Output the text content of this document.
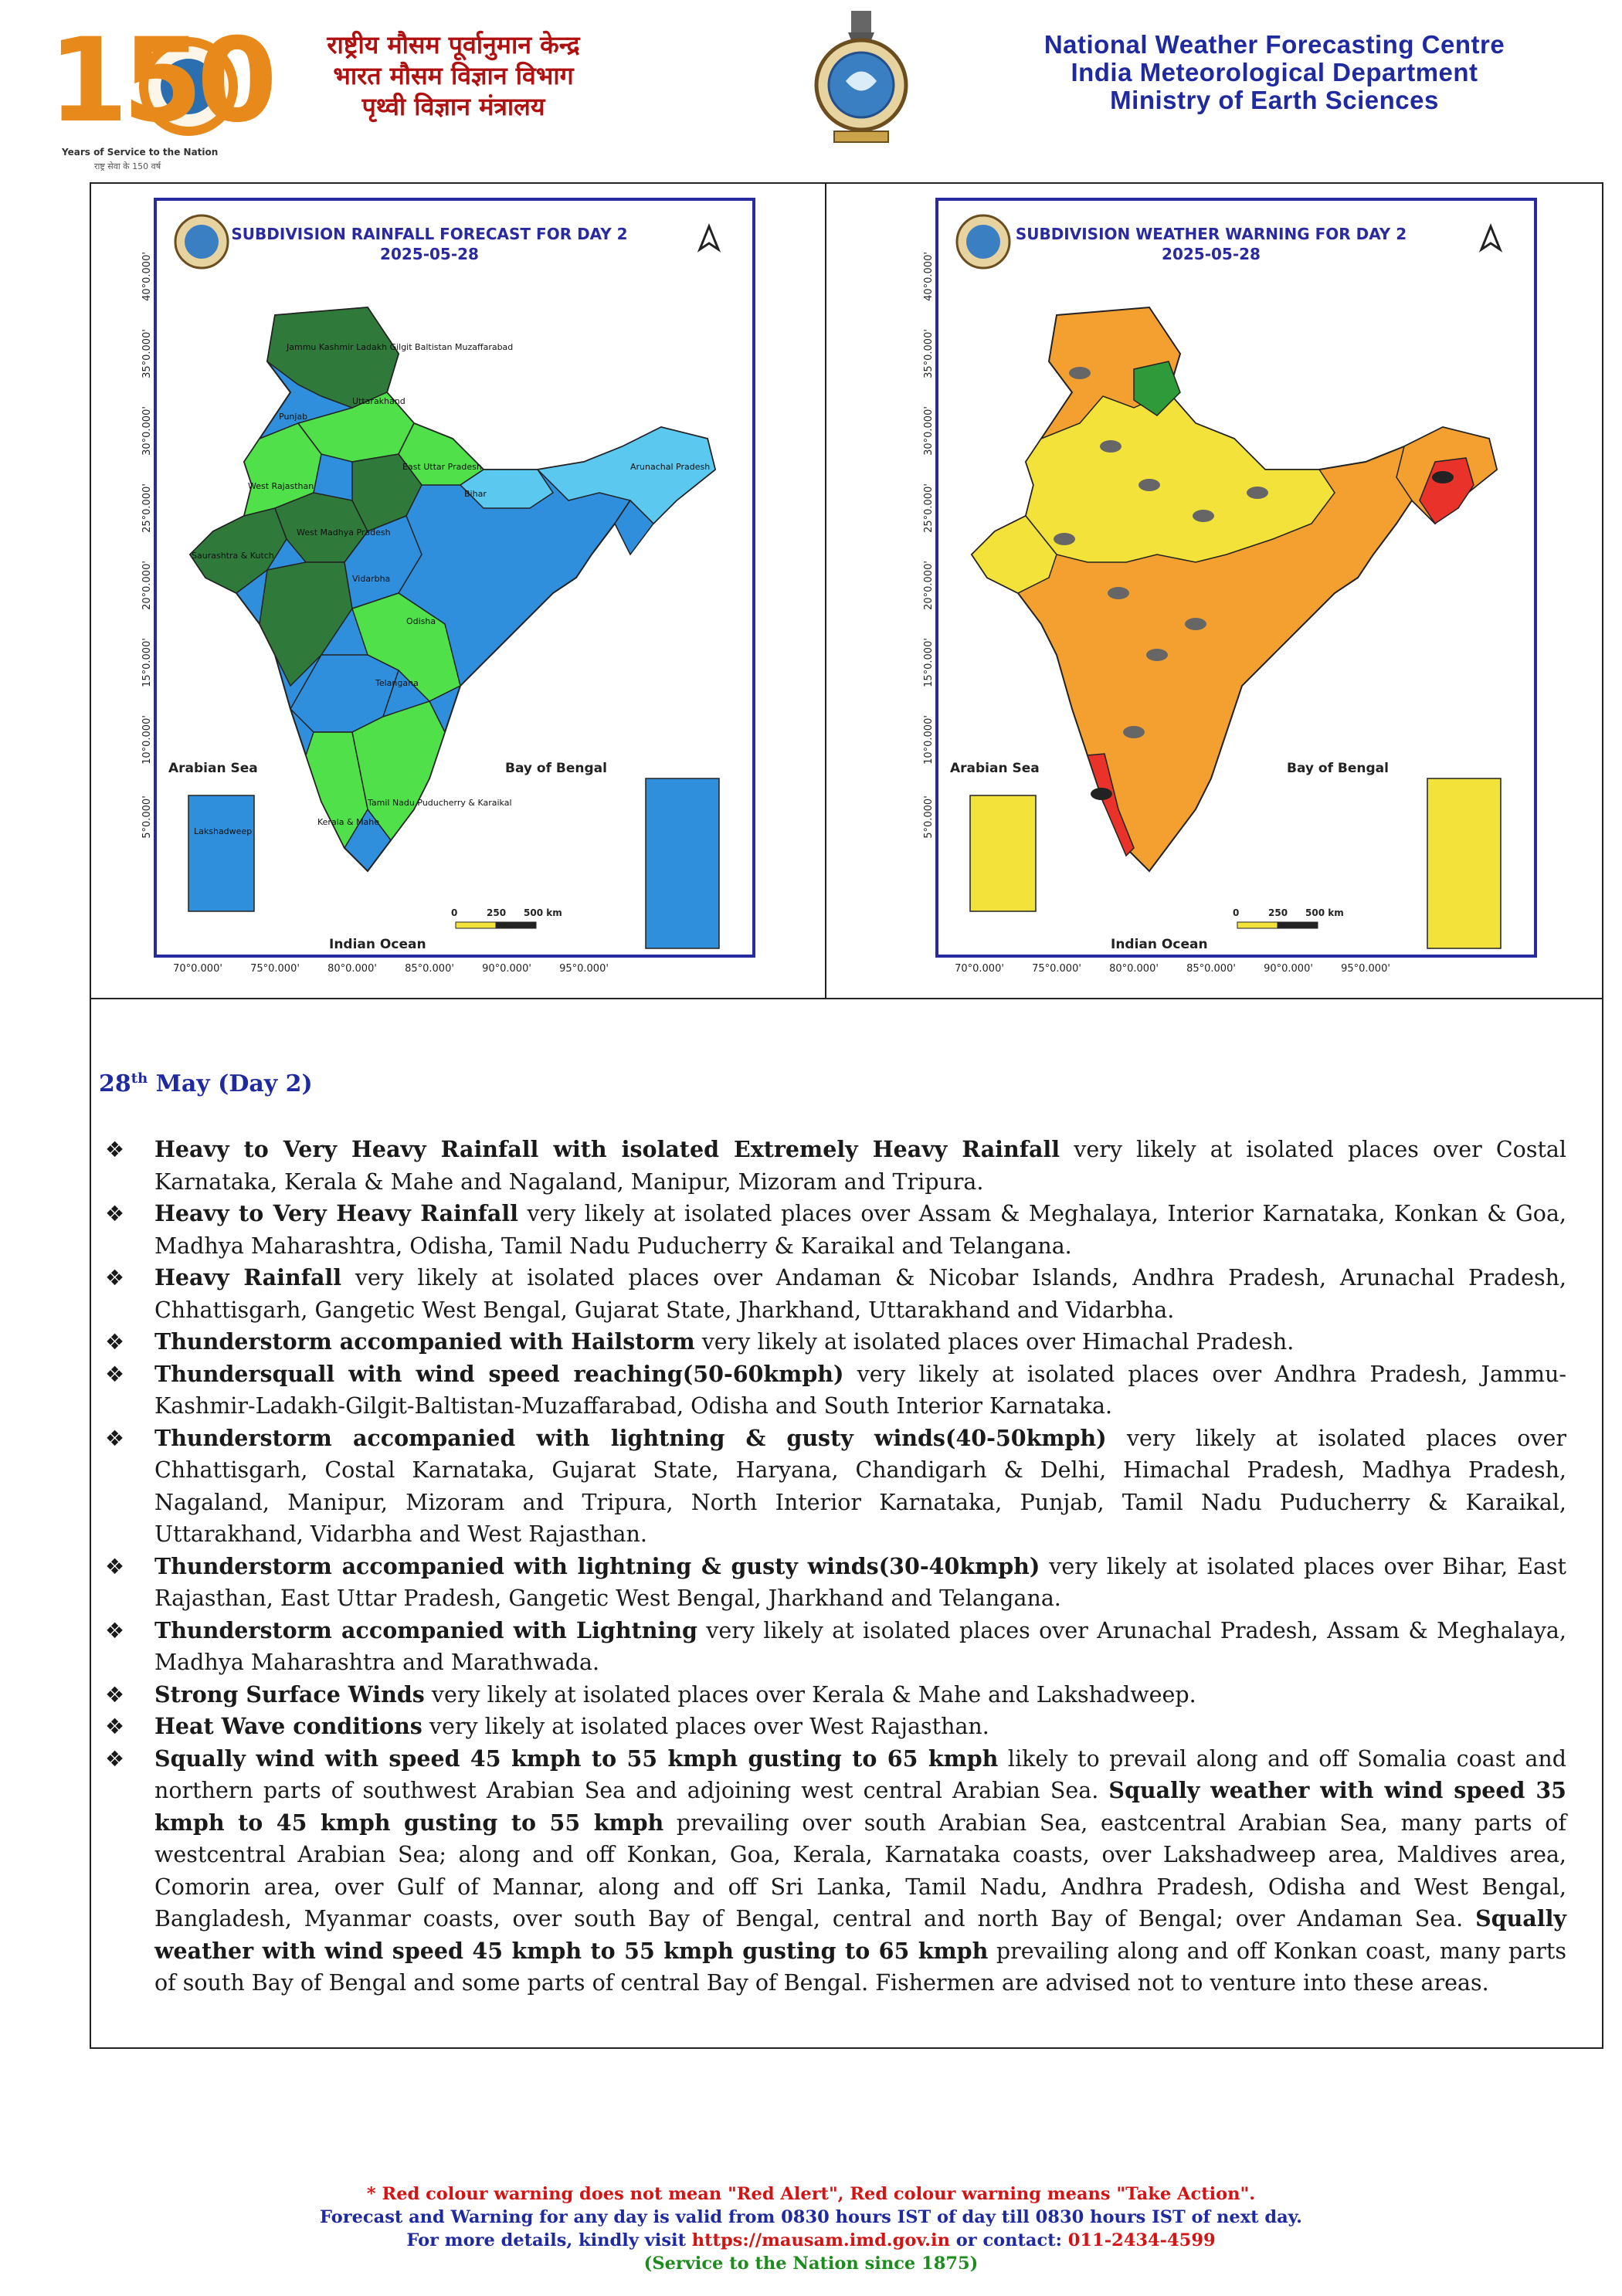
150
Years of Service to the Nation
राष्ट्र सेवा के 150 वर्ष
राष्ट्रीय मौसम पूर्वानुमान केन्द्र
भारत मौसम विज्ञान विभाग
पृथ्वी विज्ञान मंत्रालय
National Weather Forecasting Centre
India Meteorological Department
Ministry of Earth Sciences
40°0.000'
35°0.000'
30°0.000'
25°0.000'
20°0.000'
15°0.000'
10°0.000'
5°0.000'
70°0.000'	75°0.000'	80°0.000'	85°0.000'	90°0.000'	95°0.000'
SUBDIVISION RAINFALL FORECAST FOR DAY 2
2025-05-28
Arabian Sea	Bay of Bengal
Indian Ocean
0	250 500 km
Jammu Kashmir Ladakh Gilgit Baltistan Muzaffarabad
Punjab
Uttarakhand
West Rajasthan
East Uttar Pradesh
Bihar
Arunachal Pradesh
Saurashtra & Kutch
West Madhya Pradesh
Odisha
Vidarbha
Telangana
Tamil Nadu Puducherry & Karaikal
Kerala & Mahe
Lakshadweep
40°0.000'
35°0.000'
30°0.000'
25°0.000'
20°0.000'
15°0.000'
10°0.000'
5°0.000'
70°0.000'	75°0.000'	80°0.000'	85°0.000'	90°0.000'	95°0.000'
SUBDIVISION WEATHER WARNING FOR DAY 2
2025-05-28
Arabian Sea	Bay of Bengal
Indian Ocean
0	250 500 km
28th May (Day 2)
❖ Heavy to Very Heavy Rainfall with isolated Extremely Heavy Rainfall very likely at isolated places over Costal Karnataka, Kerala & Mahe and Nagaland, Manipur, Mizoram and Tripura.
❖ Heavy to Very Heavy Rainfall very likely at isolated places over Assam & Meghalaya, Interior Karnataka, Konkan & Goa, Madhya Maharashtra, Odisha, Tamil Nadu Puducherry & Karaikal and Telangana.
❖ Heavy Rainfall very likely at isolated places over Andaman & Nicobar Islands, Andhra Pradesh, Arunachal Pradesh, Chhattisgarh, Gangetic West Bengal, Gujarat State, Jharkhand, Uttarakhand and Vidarbha.
❖ Thunderstorm accompanied with Hailstorm very likely at isolated places over Himachal Pradesh.
❖ Thundersquall with wind speed reaching(50-60kmph) very likely at isolated places over Andhra Pradesh, Jammu-Kashmir-Ladakh-Gilgit-Baltistan-Muzaffarabad, Odisha and South Interior Karnataka.
❖ Thunderstorm accompanied with lightning & gusty winds(40-50kmph) very likely at isolated places over Chhattisgarh, Costal Karnataka, Gujarat State, Haryana, Chandigarh & Delhi, Himachal Pradesh, Madhya Pradesh, Nagaland, Manipur, Mizoram and Tripura, North Interior Karnataka, Punjab, Tamil Nadu Puducherry & Karaikal, Uttarakhand, Vidarbha and West Rajasthan.
❖ Thunderstorm accompanied with lightning & gusty winds(30-40kmph) very likely at isolated places over Bihar, East Rajasthan, East Uttar Pradesh, Gangetic West Bengal, Jharkhand and Telangana.
❖ Thunderstorm accompanied with Lightning very likely at isolated places over Arunachal Pradesh, Assam & Meghalaya, Madhya Maharashtra and Marathwada.
❖ Strong Surface Winds very likely at isolated places over Kerala & Mahe and Lakshadweep.
❖ Heat Wave conditions very likely at isolated places over West Rajasthan.
❖ Squally wind with speed 45 kmph to 55 kmph gusting to 65 kmph likely to prevail along and off Somalia coast and northern parts of southwest Arabian Sea and adjoining west central Arabian Sea. Squally weather with wind speed 35 kmph to 45 kmph gusting to 55 kmph prevailing over south Arabian Sea, eastcentral Arabian Sea, many parts of westcentral Arabian Sea; along and off Konkan, Goa, Kerala, Karnataka coasts, over Lakshadweep area, Maldives area, Comorin area, over Gulf of Mannar, along and off Sri Lanka, Tamil Nadu, Andhra Pradesh, Odisha and West Bengal, Bangladesh, Myanmar coasts, over south Bay of Bengal, central and north Bay of Bengal; over Andaman Sea. Squally weather with wind speed 45 kmph to 55 kmph gusting to 65 kmph prevailing along and off Konkan coast, many parts of south Bay of Bengal and some parts of central Bay of Bengal. Fishermen are advised not to venture into these areas.
* Red colour warning does not mean "Red Alert", Red colour warning means "Take Action".
Forecast and Warning for any day is valid from 0830 hours IST of day till 0830 hours IST of next day.
For more details, kindly visit https://mausam.imd.gov.in or contact: 011-2434-4599
(Service to the Nation since 1875)
